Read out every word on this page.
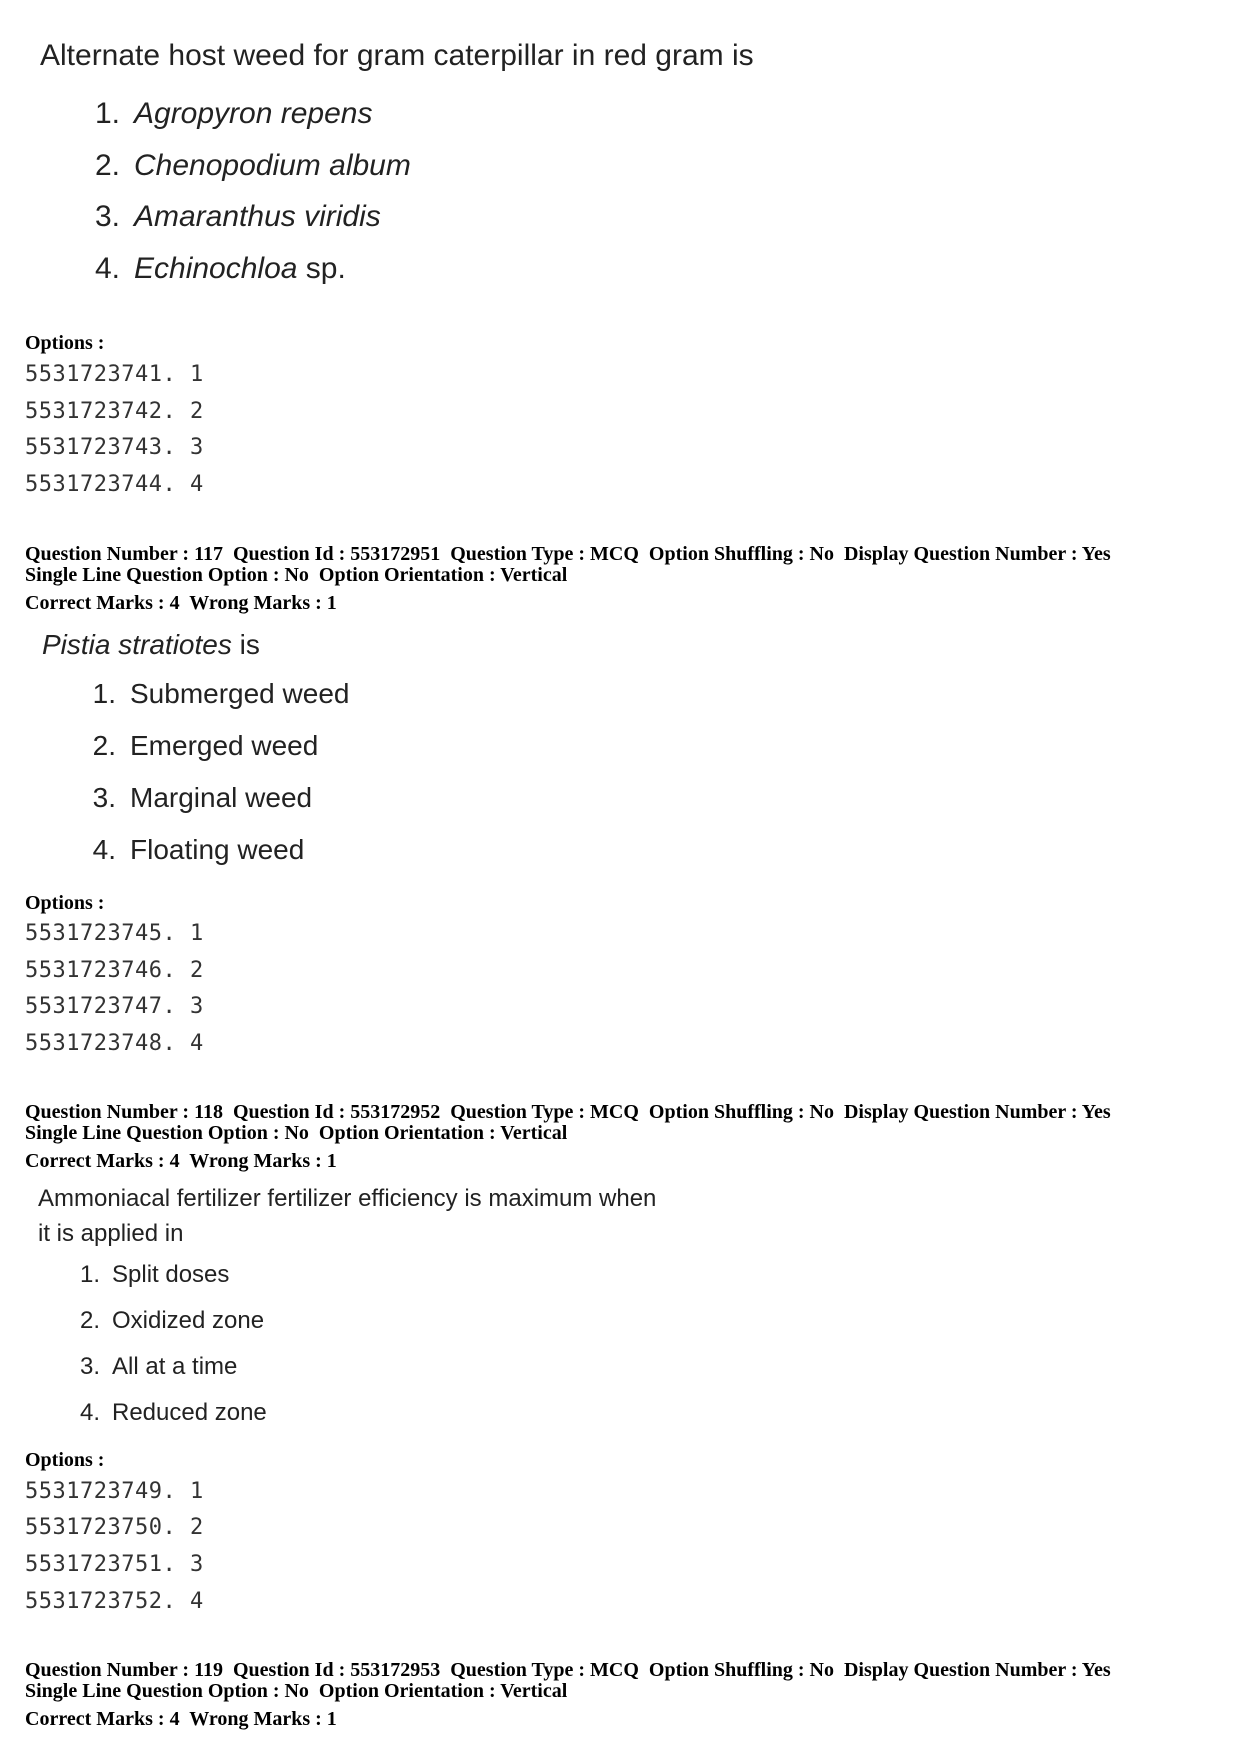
Alternate host weed for gram caterpillar in red gram is

1. Agropyron repens
2. Chenopodium album
3. Amaranthus viridis
4. Echinochloa sp.
Options :
5531723741. 1
5531723742. 2
5531723743. 3
5531723744. 4
Question Number : 117  Question Id : 553172951  Question Type : MCQ  Option Shuffling : No  Display Question Number : Yes
Single Line Question Option : No  Option Orientation : Vertical
Correct Marks : 4  Wrong Marks : 1

Pistia stratiotes is

1. Submerged weed
2. Emerged weed
3. Marginal weed
4. Floating weed
Options :
5531723745. 1
5531723746. 2
5531723747. 3
5531723748. 4
Question Number : 118  Question Id : 553172952  Question Type : MCQ  Option Shuffling : No  Display Question Number : Yes
Single Line Question Option : No  Option Orientation : Vertical
Correct Marks : 4  Wrong Marks : 1

Ammoniacal fertilizer fertilizer efficiency is maximum when

it is applied in

1. Split doses
2. Oxidized zone
3. All at a time
4. Reduced zone
Options :
5531723749. 1
5531723750. 2
5531723751. 3
5531723752. 4
Question Number : 119  Question Id : 553172953  Question Type : MCQ  Option Shuffling : No  Display Question Number : Yes
Single Line Question Option : No  Option Orientation : Vertical
Correct Marks : 4  Wrong Marks : 1
